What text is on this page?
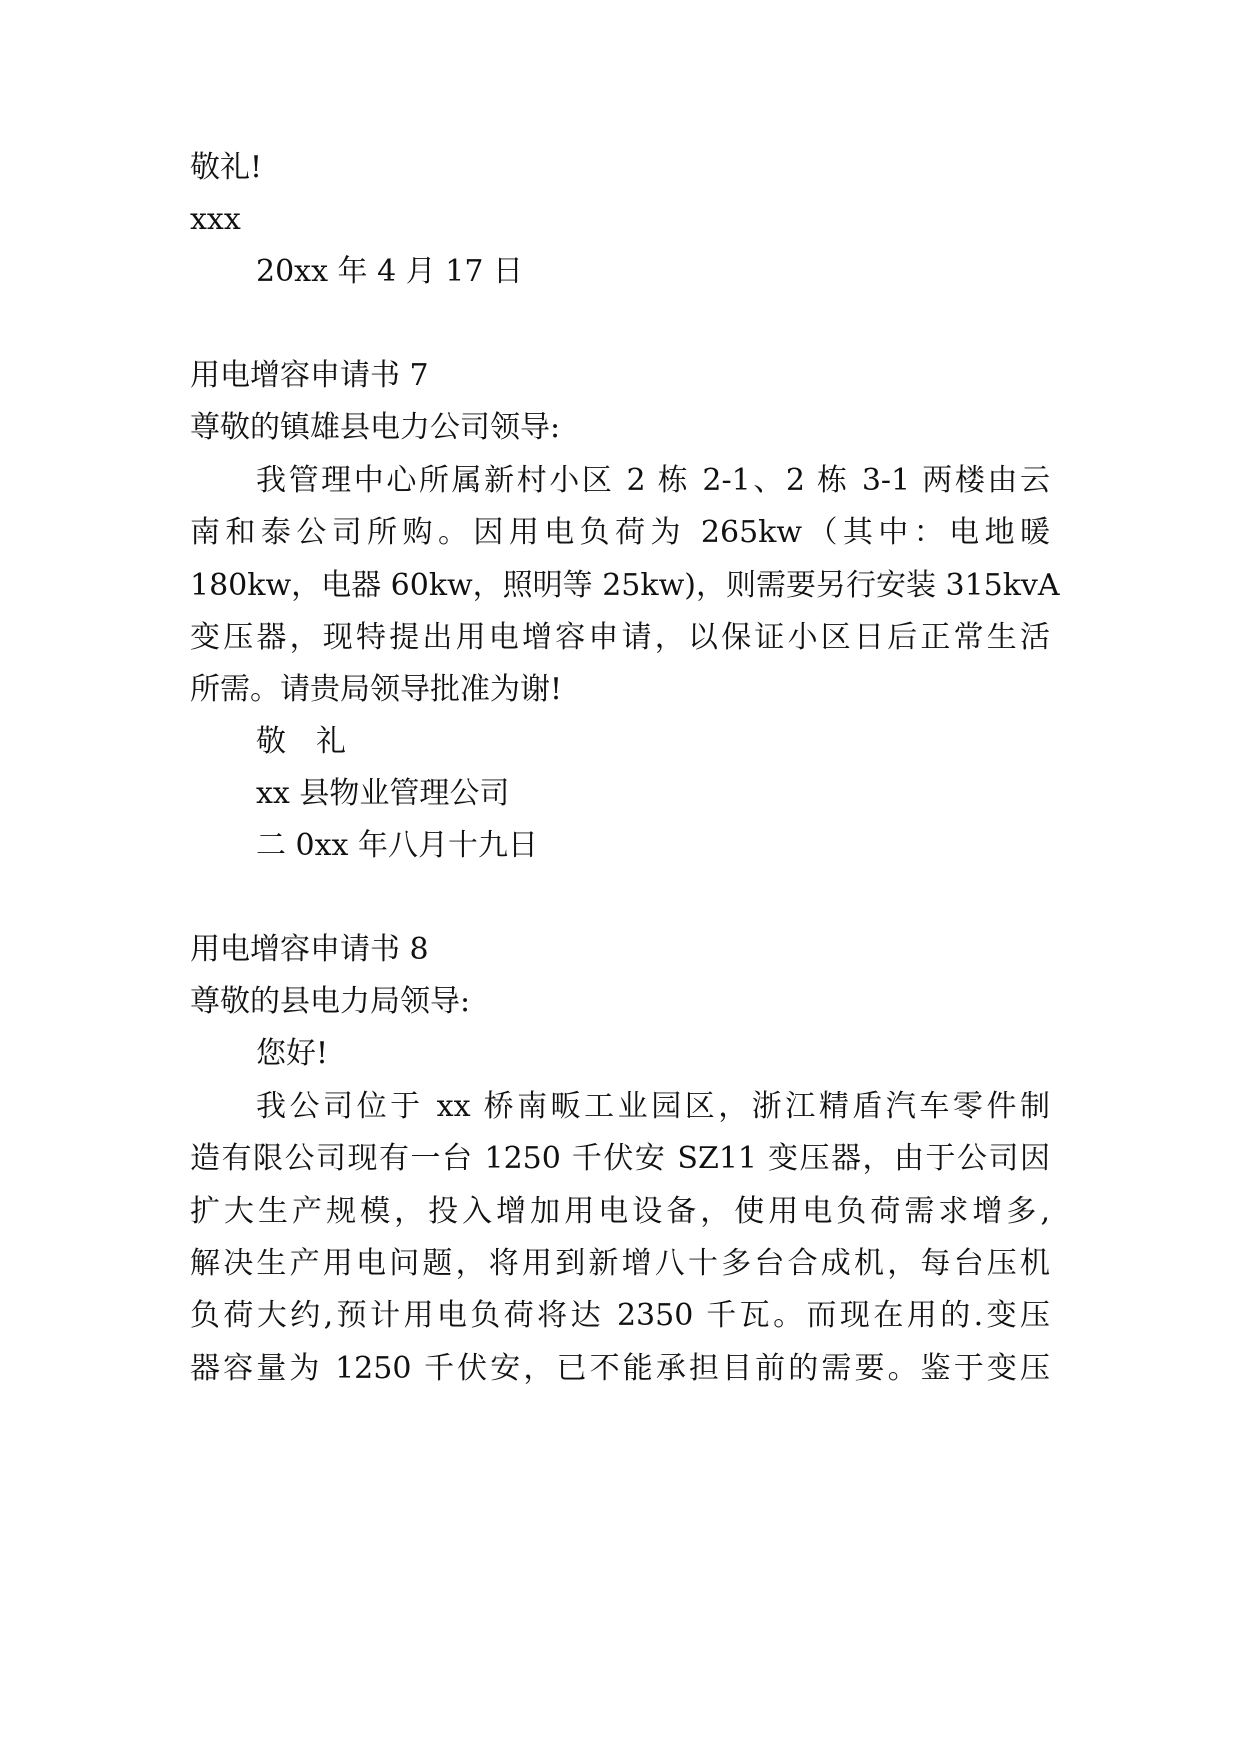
敬礼!
xxx
20xx 年 4 月 17 日
用电增容申请书 7
尊敬的镇雄县电力公司领导:
我管理中心所属新村小区 2 栋 2-1、2 栋 3-1 两楼由云
南和泰公司所购。因用电负荷为 265kw（其中：电地暖
180kw，电器 60kw，照明等 25kw)，则需要另行安装 315kvA
变压器，现特提出用电增容申请，以保证小区日后正常生活
所需。请贵局领导批准为谢!
敬　礼
xx 县物业管理公司
二 0xx 年八月十九日
用电增容申请书 8
尊敬的县电力局领导:
您好!
我公司位于 xx 桥南畈工业园区，浙江精盾汽车零件制
造有限公司现有一台 1250 千伏安 SZ11 变压器，由于公司因
扩大生产规模，投入增加用电设备，使用电负荷需求增多,
解决生产用电问题，将用到新增八十多台合成机，每台压机
负荷大约,预计用电负荷将达 2350 千瓦。而现在用的.变压
器容量为 1250 千伏安，已不能承担目前的需要。鉴于变压
